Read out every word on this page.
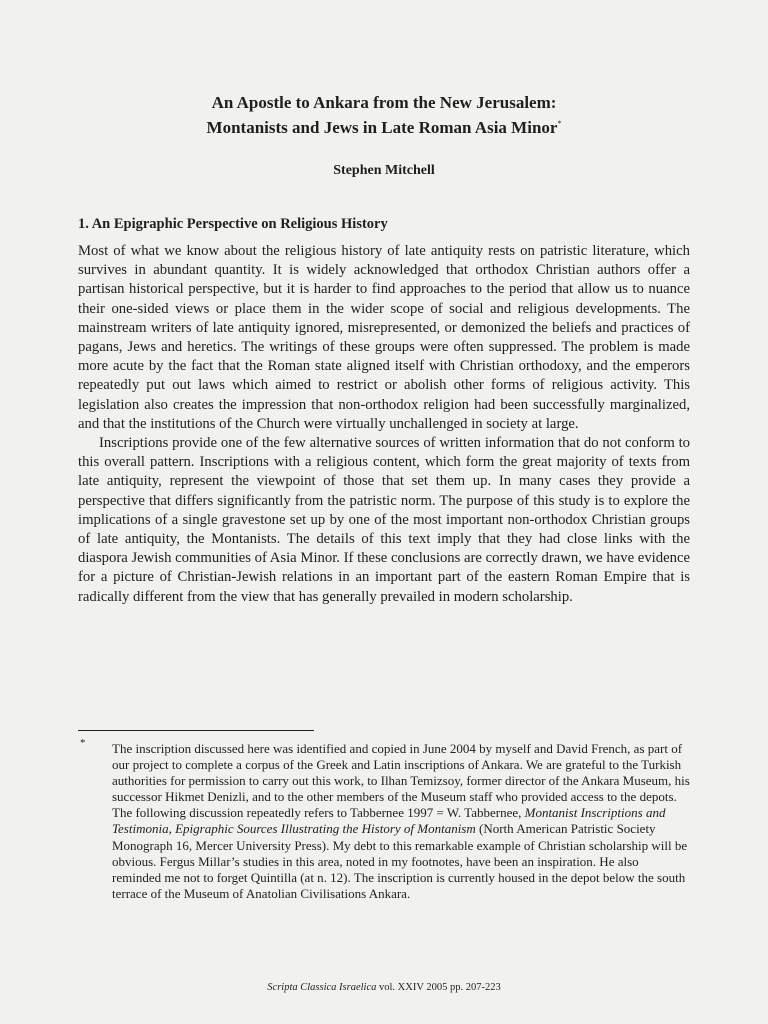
An Apostle to Ankara from the New Jerusalem:
Montanists and Jews in Late Roman Asia Minor*
Stephen Mitchell
1. An Epigraphic Perspective on Religious History

Most of what we know about the religious history of late antiquity rests on patristic literature, which survives in abundant quantity. It is widely acknowledged that orthodox Christian authors offer a partisan historical perspective, but it is harder to find approaches to the period that allow us to nuance their one-sided views or place them in the wider scope of social and religious developments. The mainstream writers of late antiquity ignored, misrepresented, or demonized the beliefs and practices of pagans, Jews and heretics. The writings of these groups were often suppressed. The problem is made more acute by the fact that the Roman state aligned itself with Christian orthodoxy, and the emperors repeatedly put out laws which aimed to restrict or abolish other forms of religious activity. This legislation also creates the impression that non-orthodox religion had been successfully marginalized, and that the institutions of the Church were virtually unchallenged in society at large.

Inscriptions provide one of the few alternative sources of written information that do not conform to this overall pattern. Inscriptions with a religious content, which form the great majority of texts from late antiquity, represent the viewpoint of those that set them up. In many cases they provide a perspective that differs significantly from the patristic norm. The purpose of this study is to explore the implications of a single gravestone set up by one of the most important non-orthodox Christian groups of late antiquity, the Montanists. The details of this text imply that they had close links with the diaspora Jewish communities of Asia Minor. If these conclusions are correctly drawn, we have evidence for a picture of Christian-Jewish relations in an important part of the eastern Roman Empire that is radically different from the view that has generally prevailed in modern scholarship.

* The inscription discussed here was identified and copied in June 2004 by myself and David French, as part of our project to complete a corpus of the Greek and Latin inscriptions of Ankara. We are grateful to the Turkish authorities for permission to carry out this work, to Ilhan Temizsoy, former director of the Ankara Museum, his successor Hikmet Denizli, and to the other members of the Museum staff who provided access to the depots. The following discussion repeatedly refers to Tabbernee 1997 = W. Tabbernee, Montanist Inscriptions and Testimonia, Epigraphic Sources Illustrating the History of Montanism (North American Patristic Society Monograph 16, Mercer University Press). My debt to this remarkable example of Christian scholarship will be obvious. Fergus Millar’s studies in this area, noted in my footnotes, have been an inspiration. He also reminded me not to forget Quintilla (at n. 12). The inscription is currently housed in the depot below the south terrace of the Museum of Anatolian Civilisations Ankara.

Scripta Classica Israelica vol. XXIV 2005 pp. 207-223
